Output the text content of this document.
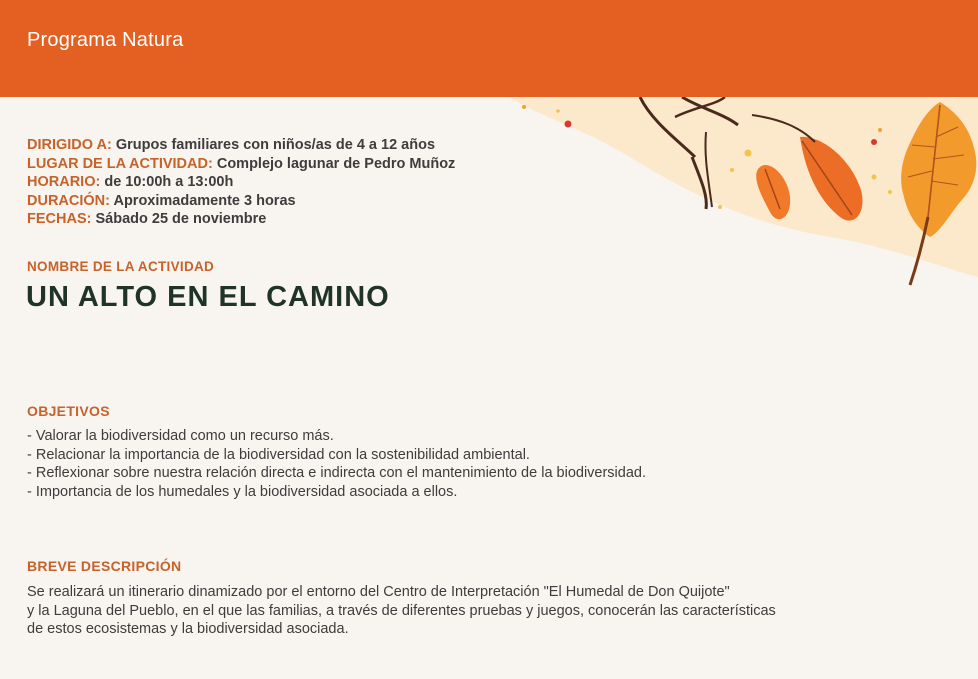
Programa Natura
DIRIGIDO A: Grupos familiares con niños/as de 4 a 12 años
LUGAR DE LA ACTIVIDAD: Complejo lagunar de Pedro Muñoz
HORARIO: de 10:00h a 13:00h
DURACIÓN: Aproximadamente 3 horas
FECHAS: Sábado 25 de noviembre
NOMBRE DE LA ACTIVIDAD
UN ALTO EN EL CAMINO
OBJETIVOS
- Valorar la biodiversidad como un recurso más.
- Relacionar la importancia de la biodiversidad con la sostenibilidad ambiental.
- Reflexionar sobre nuestra relación directa e indirecta con el mantenimiento de la biodiversidad.
- Importancia de los humedales y la biodiversidad asociada a ellos.
BREVE DESCRIPCIÓN
Se realizará un itinerario dinamizado por el entorno del Centro de Interpretación "El Humedal de Don Quijote"
y la Laguna del Pueblo, en el que las familias, a través de diferentes pruebas y juegos, conocerán las características
de estos ecosistemas y la biodiversidad asociada.
